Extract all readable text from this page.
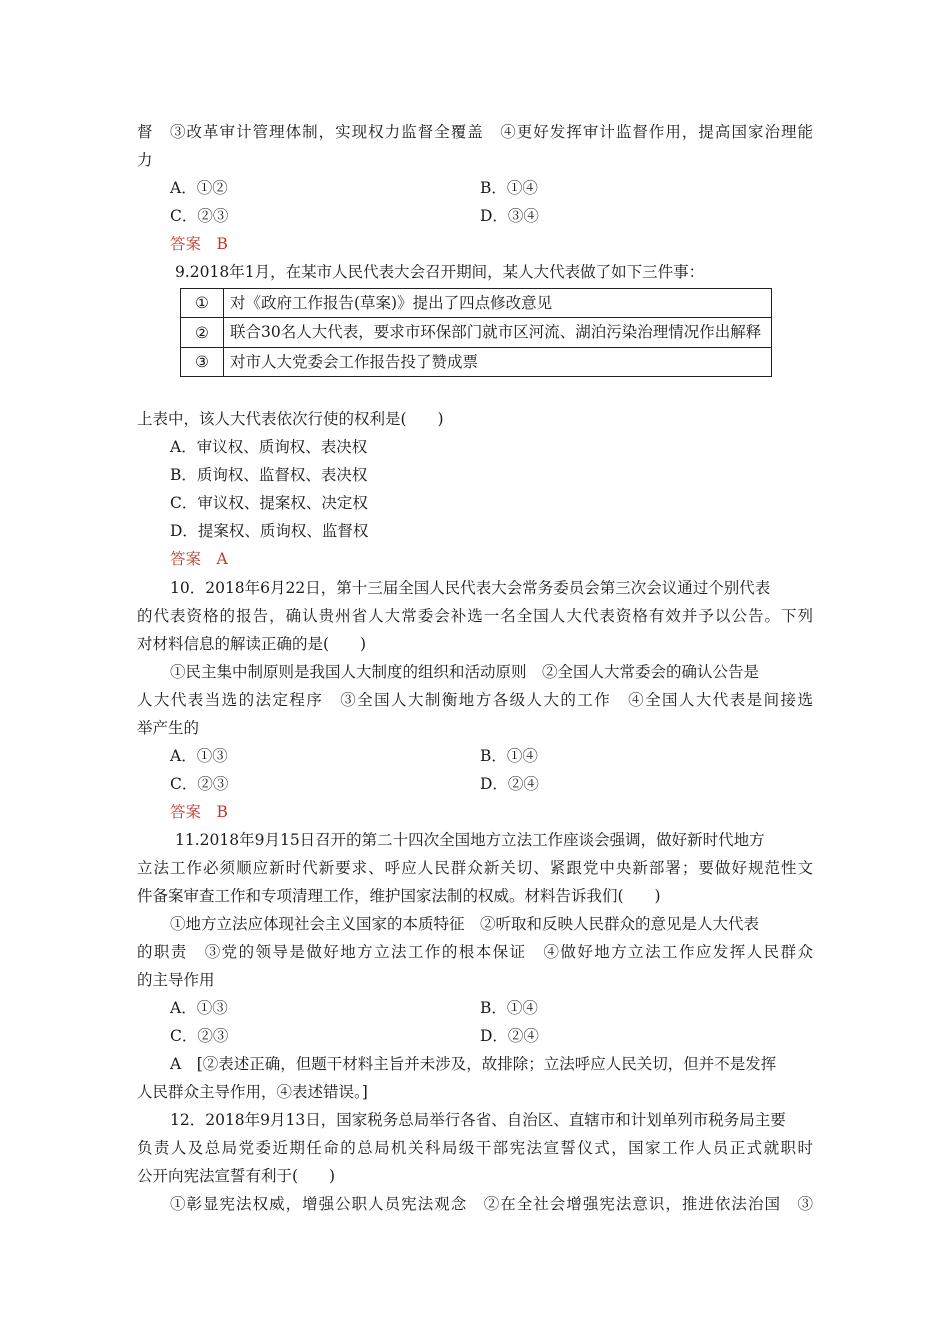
督　③改革审计管理体制，实现权力监督全覆盖　④更好发挥审计监督作用，提高国家治理能
力
A．①②	B．①④
C．②③	D．③④
答案　B
9.2018年1月，在某市人民代表大会召开期间，某人大代表做了如下三件事：
①	对《政府工作报告(草案)》提出了四点修改意见
②	联合30名人大代表，要求市环保部门就市区河流、湖泊污染治理情况作出解释
③	对市人大党委会工作报告投了赞成票
上表中，该人大代表依次行使的权利是(　　)
A．审议权、质询权、表决权
B．质询权、监督权、表决权
C．审议权、提案权、决定权
D．提案权、质询权、监督权
答案　A
10．2018年6月22日，第十三届全国人民代表大会常务委员会第三次会议通过个别代表
的代表资格的报告，确认贵州省人大常委会补选一名全国人大代表资格有效并予以公告。下列
对材料信息的解读正确的是(　　)
①民主集中制原则是我国人大制度的组织和活动原则　②全国人大常委会的确认公告是
人大代表当选的法定程序　③全国人大制衡地方各级人大的工作　④全国人大代表是间接选
举产生的
A．①③	B．①④
C．②③	D．②④
答案　B
11.2018年9月15日召开的第二十四次全国地方立法工作座谈会强调，做好新时代地方
立法工作必须顺应新时代新要求、呼应人民群众新关切、紧跟党中央新部署；要做好规范性文
件备案审查工作和专项清理工作，维护国家法制的权威。材料告诉我们(　　)
①地方立法应体现社会主义国家的本质特征　②听取和反映人民群众的意见是人大代表
的职责　③党的领导是做好地方立法工作的根本保证　④做好地方立法工作应发挥人民群众
的主导作用
A．①③	B．①④
C．②③	D．②④
A　[②表述正确，但题干材料主旨并未涉及，故排除；立法呼应人民关切，但并不是发挥
人民群众主导作用，④表述错误。]
12．2018年9月13日，国家税务总局举行各省、自治区、直辖市和计划单列市税务局主要
负责人及总局党委近期任命的总局机关科局级干部宪法宣誓仪式，国家工作人员正式就职时
公开向宪法宣誓有利于(　　)
①彰显宪法权威，增强公职人员宪法观念　②在全社会增强宪法意识，推进依法治国　③
